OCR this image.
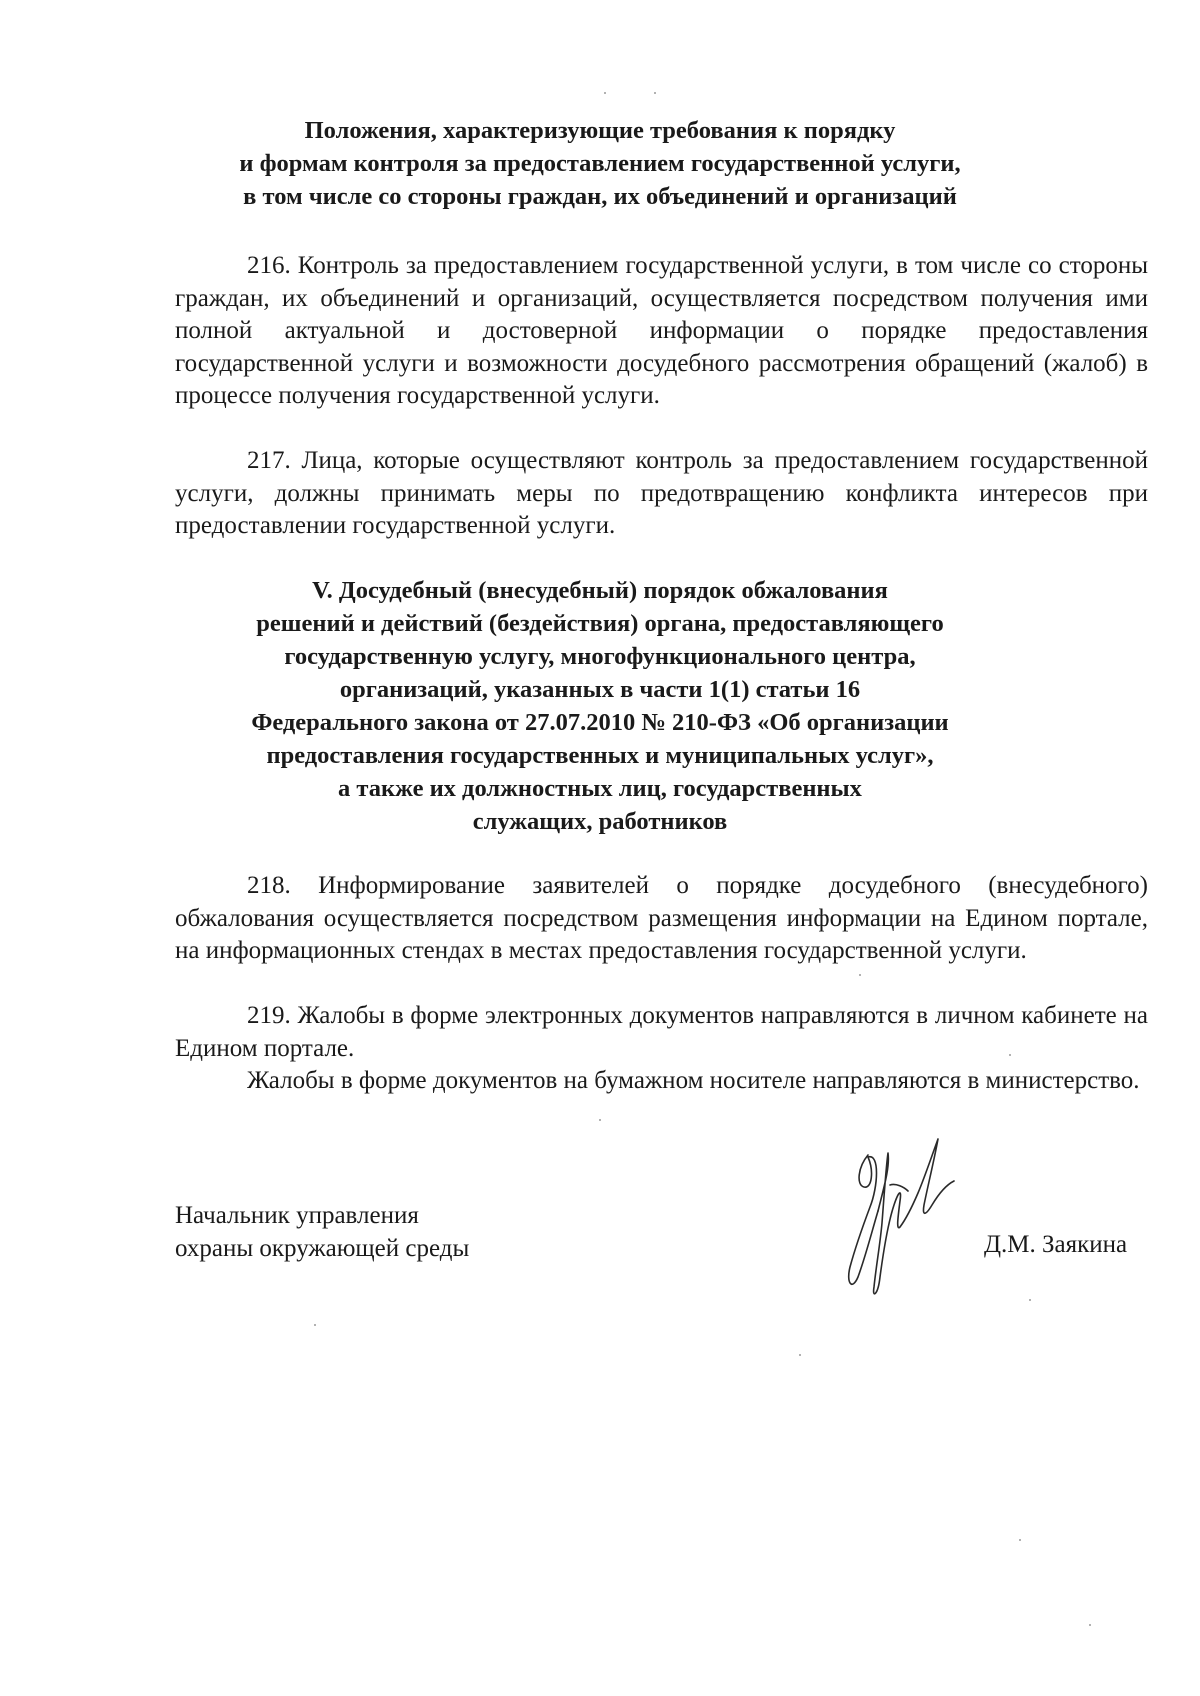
Положения, характеризующие требования к порядку
и формам контроля за предоставлением государственной услуги,
в том числе со стороны граждан, их объединений и организаций

216. Контроль за предоставлением государственной услуги, в том числе со стороны граждан, их объединений и организаций, осуществляется посредством получения ими полной актуальной и достоверной информации о порядке предоставления государственной услуги и возможности досудебного рассмотрения обращений (жалоб) в процессе получения государственной услуги.

217. Лица, которые осуществляют контроль за предоставлением государственной услуги, должны принимать меры по предотвращению конфликта интересов при предоставлении государственной услуги.

V. Досудебный (внесудебный) порядок обжалования
решений и действий (бездействия) органа, предоставляющего
государственную услугу, многофункционального центра,
организаций, указанных в части 1(1) статьи 16
Федерального закона от 27.07.2010 № 210-ФЗ «Об организации
предоставления государственных и муниципальных услуг»,
а также их должностных лиц, государственных
служащих, работников

218. Информирование заявителей о порядке досудебного (внесудебного) обжалования осуществляется посредством размещения информации на Едином портале, на информационных стендах в местах предоставления государственной услуги.

219. Жалобы в форме электронных документов направляются в личном кабинете на Едином портале.

Жалобы в форме документов на бумажном носителе направляются в министерство.

Начальник управления
охраны окружающей среды	Д.М. Заякина
